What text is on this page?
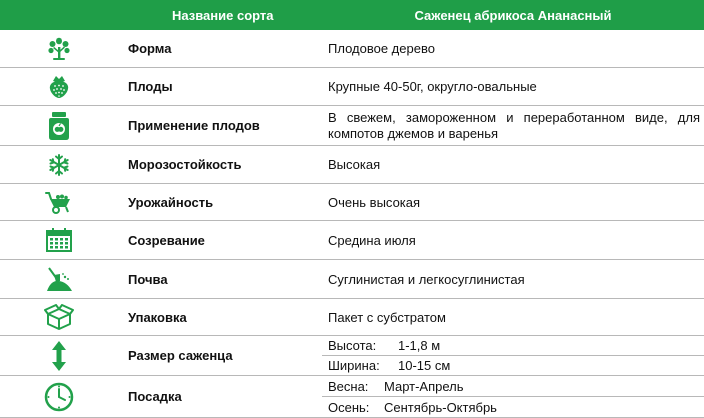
	Название сорта	Саженец абрикоса Ананасный

	Форма	Плодовое дерево

	Плоды	Крупные 40-50г, округло-овальные

	Применение плодов	В свежем, замороженном и переработанном виде, для компотов джемов и варенья

	Морозостойкость	Высокая

	Урожайность	Очень высокая

	Созревание	Средина июля

	Почва	Суглинистая и легкосуглинистая

	Упаковка	Пакет с субстратом

	Размер саженца	Высота: 1-1,8 м
		Ширина: 10-15 см

	Посадка	Весна: Март-Апрель
		Осень: Сентябрь-Октябрь
